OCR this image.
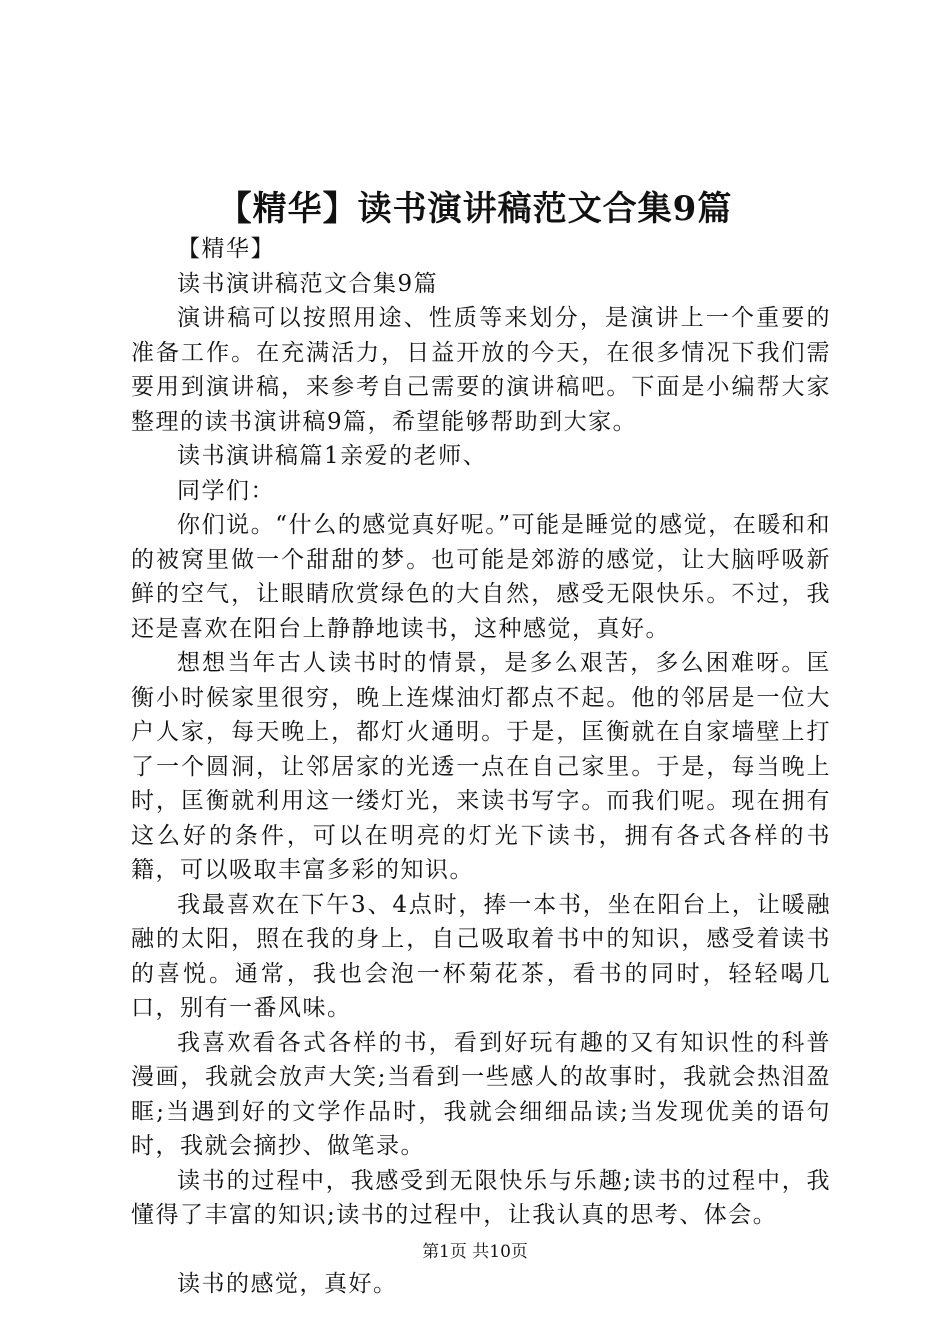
【精华】读书演讲稿范文合集9篇

【精华】

读书演讲稿范文合集9篇

演讲稿可以按照用途、性质等来划分，是演讲上一个重要的准备工作。在充满活力，日益开放的今天，在很多情况下我们需要用到演讲稿，来参考自己需要的演讲稿吧。下面是小编帮大家整理的读书演讲稿9篇，希望能够帮助到大家。

读书演讲稿篇1亲爱的老师、

同学们：

你们说。“什么的感觉真好呢。”可能是睡觉的感觉，在暖和和的被窝里做一个甜甜的梦。也可能是郊游的感觉，让大脑呼吸新鲜的空气，让眼睛欣赏绿色的大自然，感受无限快乐。不过，我还是喜欢在阳台上静静地读书，这种感觉，真好。

想想当年古人读书时的情景，是多么艰苦，多么困难呀。匡衡小时候家里很穷，晚上连煤油灯都点不起。他的邻居是一位大户人家，每天晚上，都灯火通明。于是，匡衡就在自家墙壁上打了一个圆洞，让邻居家的光透一点在自己家里。于是，每当晚上时，匡衡就利用这一缕灯光，来读书写字。而我们呢。现在拥有这么好的条件，可以在明亮的灯光下读书，拥有各式各样的书籍，可以吸取丰富多彩的知识。

我最喜欢在下午3、4点时，捧一本书，坐在阳台上，让暖融融的太阳，照在我的身上，自己吸取着书中的知识，感受着读书的喜悦。通常，我也会泡一杯菊花茶，看书的同时，轻轻喝几口，别有一番风味。

我喜欢看各式各样的书，看到好玩有趣的又有知识性的科普漫画，我就会放声大笑;当看到一些感人的故事时，我就会热泪盈眶;当遇到好的文学作品时，我就会细细品读;当发现优美的语句时，我就会摘抄、做笔录。

读书的过程中，我感受到无限快乐与乐趣;读书的过程中，我懂得了丰富的知识;读书的过程中，让我认真的思考、体会。

读书的感觉，真好。

第1页 共10页
